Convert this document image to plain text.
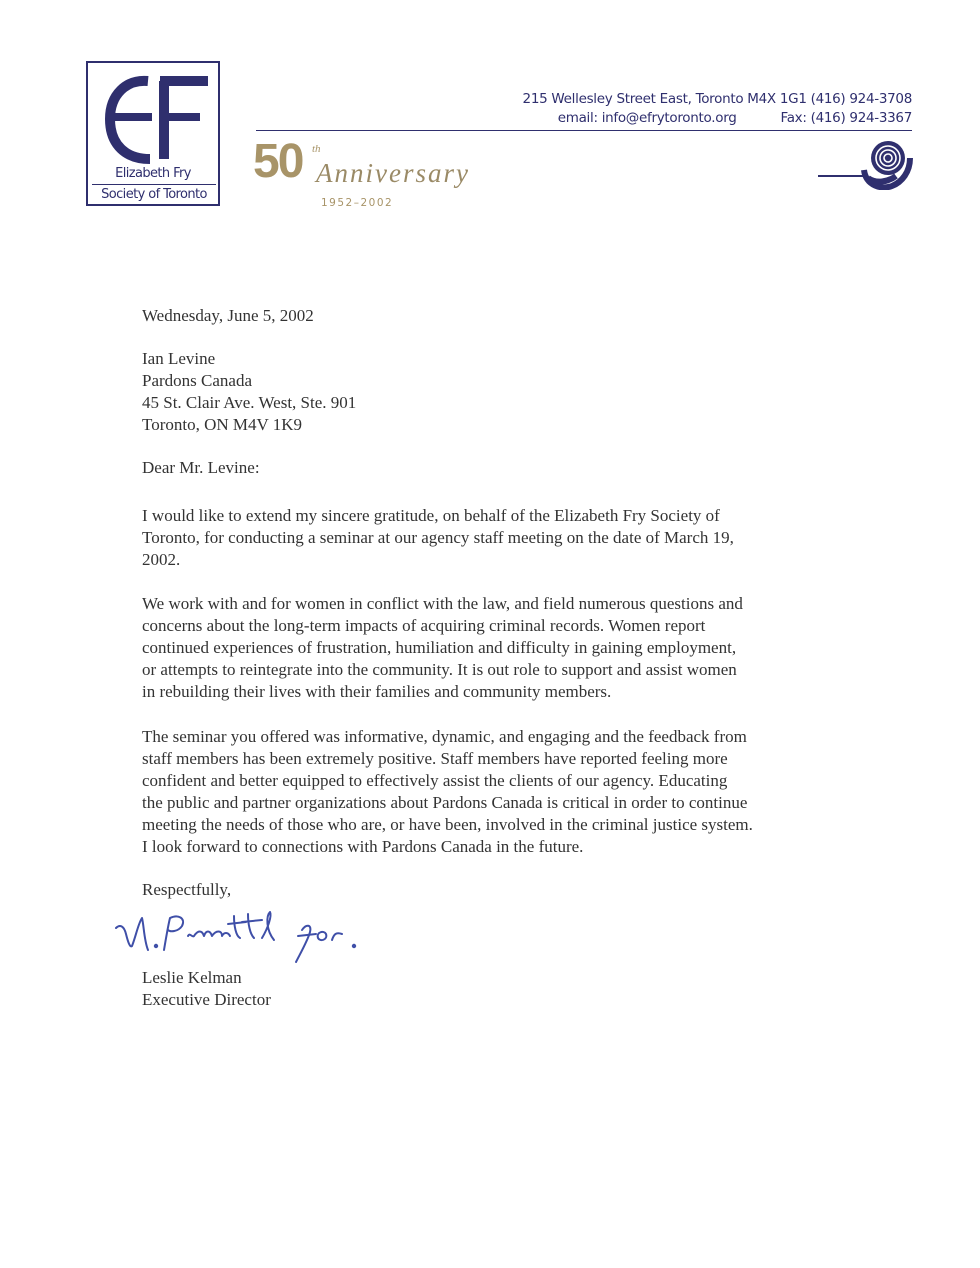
Elizabeth Fry
Society of Toronto
215 Wellesley Street East, Toronto M4X 1G1 (416) 924-3708
email: info@efrytoronto.org	Fax: (416) 924-3367
50 th
Anniversary
1952–2002
Wednesday, June 5, 2002
Ian Levine
Pardons Canada
45 St. Clair Ave. West, Ste. 901
Toronto, ON M4V 1K9
Dear Mr. Levine:
I would like to extend my sincere gratitude, on behalf of the Elizabeth Fry Society of
Toronto, for conducting a seminar at our agency staff meeting on the date of March 19,
2002.
We work with and for women in conflict with the law, and field numerous questions and
concerns about the long-term impacts of acquiring criminal records. Women report
continued experiences of frustration, humiliation and difficulty in gaining employment,
or attempts to reintegrate into the community. It is out role to support and assist women
in rebuilding their lives with their families and community members.
The seminar you offered was informative, dynamic, and engaging and the feedback from
staff members has been extremely positive. Staff members have reported feeling more
confident and better equipped to effectively assist the clients of our agency. Educating
the public and partner organizations about Pardons Canada is critical in order to continue
meeting the needs of those who are, or have been, involved in the criminal justice system.
I look forward to connections with Pardons Canada in the future.
Respectfully,
Leslie Kelman
Executive Director
